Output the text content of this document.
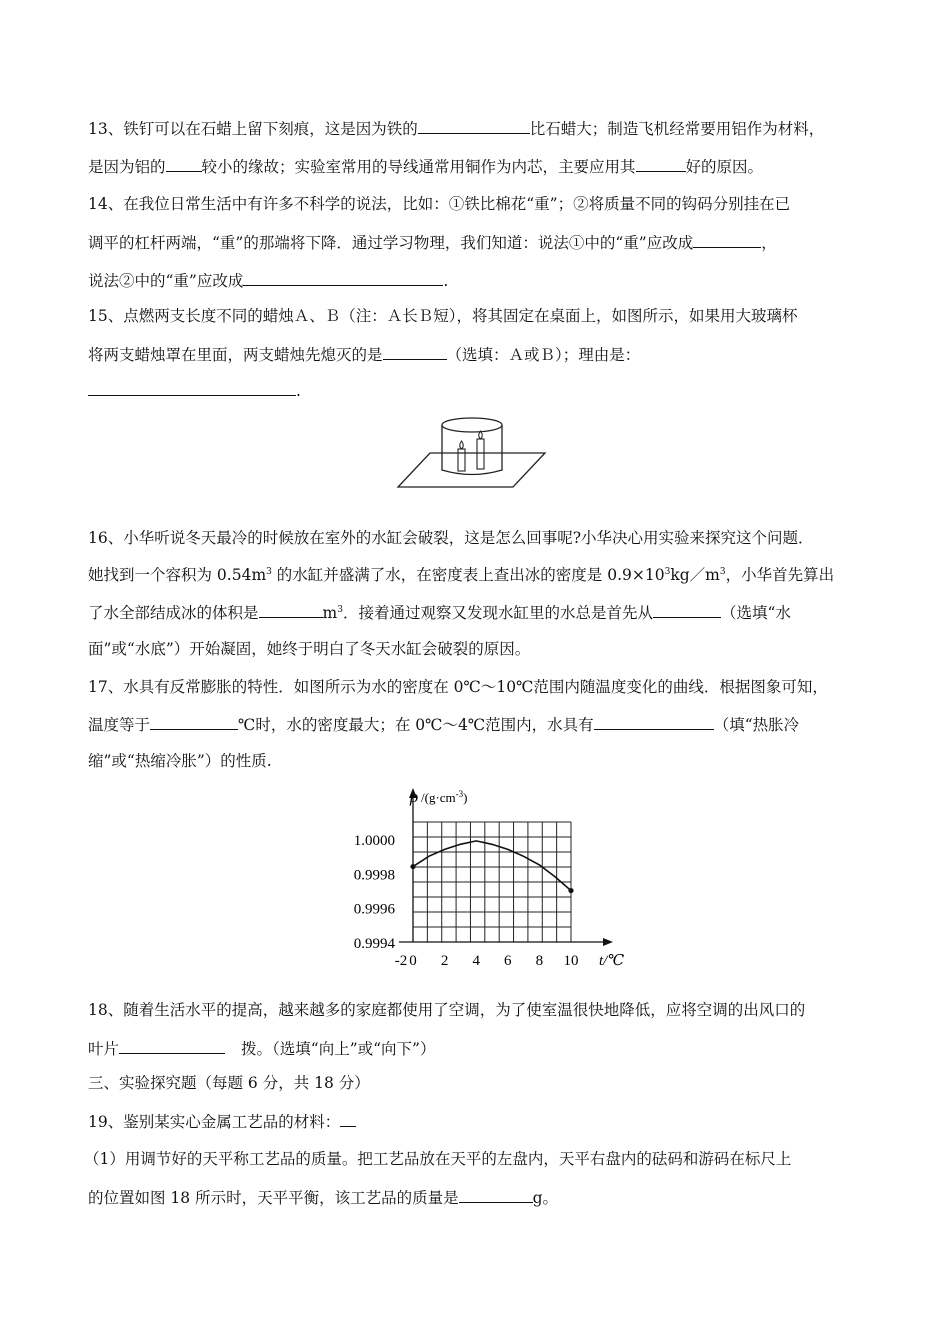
13、铁钉可以在石蜡上留下刻痕，这是因为铁的	比石蜡大；制造飞机经常要用铝作为材料，
是因为铝的 较小的缘故；实验室常用的导线通常用铜作为内芯，主要应用其	好的原因。
14、在我位日常生活中有许多不科学的说法，比如：①铁比棉花“重”；②将质量不同的钩码分别挂在已
调平的杠杆两端，“重”的那端将下降．通过学习物理，我们知道：说法①中的“重”应改成	，
说法②中的“重”应改成	.
15、点燃两支长度不同的蜡烛Ａ、Ｂ（注：Ａ长Ｂ短），将其固定在桌面上，如图所示，如果用大玻璃杯
将两支蜡烛罩在里面，两支蜡烛先熄灭的是	（选填：Ａ或Ｂ）；理由是：
.
16、小华听说冬天最冷的时候放在室外的水缸会破裂，这是怎么回事呢?小华决心用实验来探究这个问题．
她找到一个容积为 $0.54m^3$ 的水缸并盛满了水，在密度表上查出冰的密度是 $0.9\times 10^3kg/m^3$，小华首先算出
了水全部结成冰的体积是	$m^3$．接着通过观察又发现水缸里的水总是首先从	（选填“水
面”或“水底”）开始凝固，她终于明白了冬天水缸会破裂的原因。
17、水具有反常膨胀的特性．如图所示为水的密度在 0℃～10℃范围内随温度变化的曲线．根据图象可知，
温度等于	℃时，水的密度最大；在 0℃～4℃范围内，水具有	（填“热胀冷
缩”或“热缩冷胀”）的性质.
1.0000
0.9998
0.9996
0.9994
-2 0 2 4 6 8 10
ρ $/(g\cdot cm^{-3})$
t/℃
18、随着生活水平的提高，越来越多的家庭都使用了空调，为了使室温很快地降低，应将空调的出风口的
叶片	拨。（选填“向上”或“向下”）
三、实验探究题（每题 6 分，共 18 分）
19、鉴别某实心金属工艺品的材料：
（1）用调节好的天平称工艺品的质量。把工艺品放在天平的左盘内，天平右盘内的砝码和游码在标尺上
的位置如图 18 所示时，天平平衡，该工艺品的质量是	g。
